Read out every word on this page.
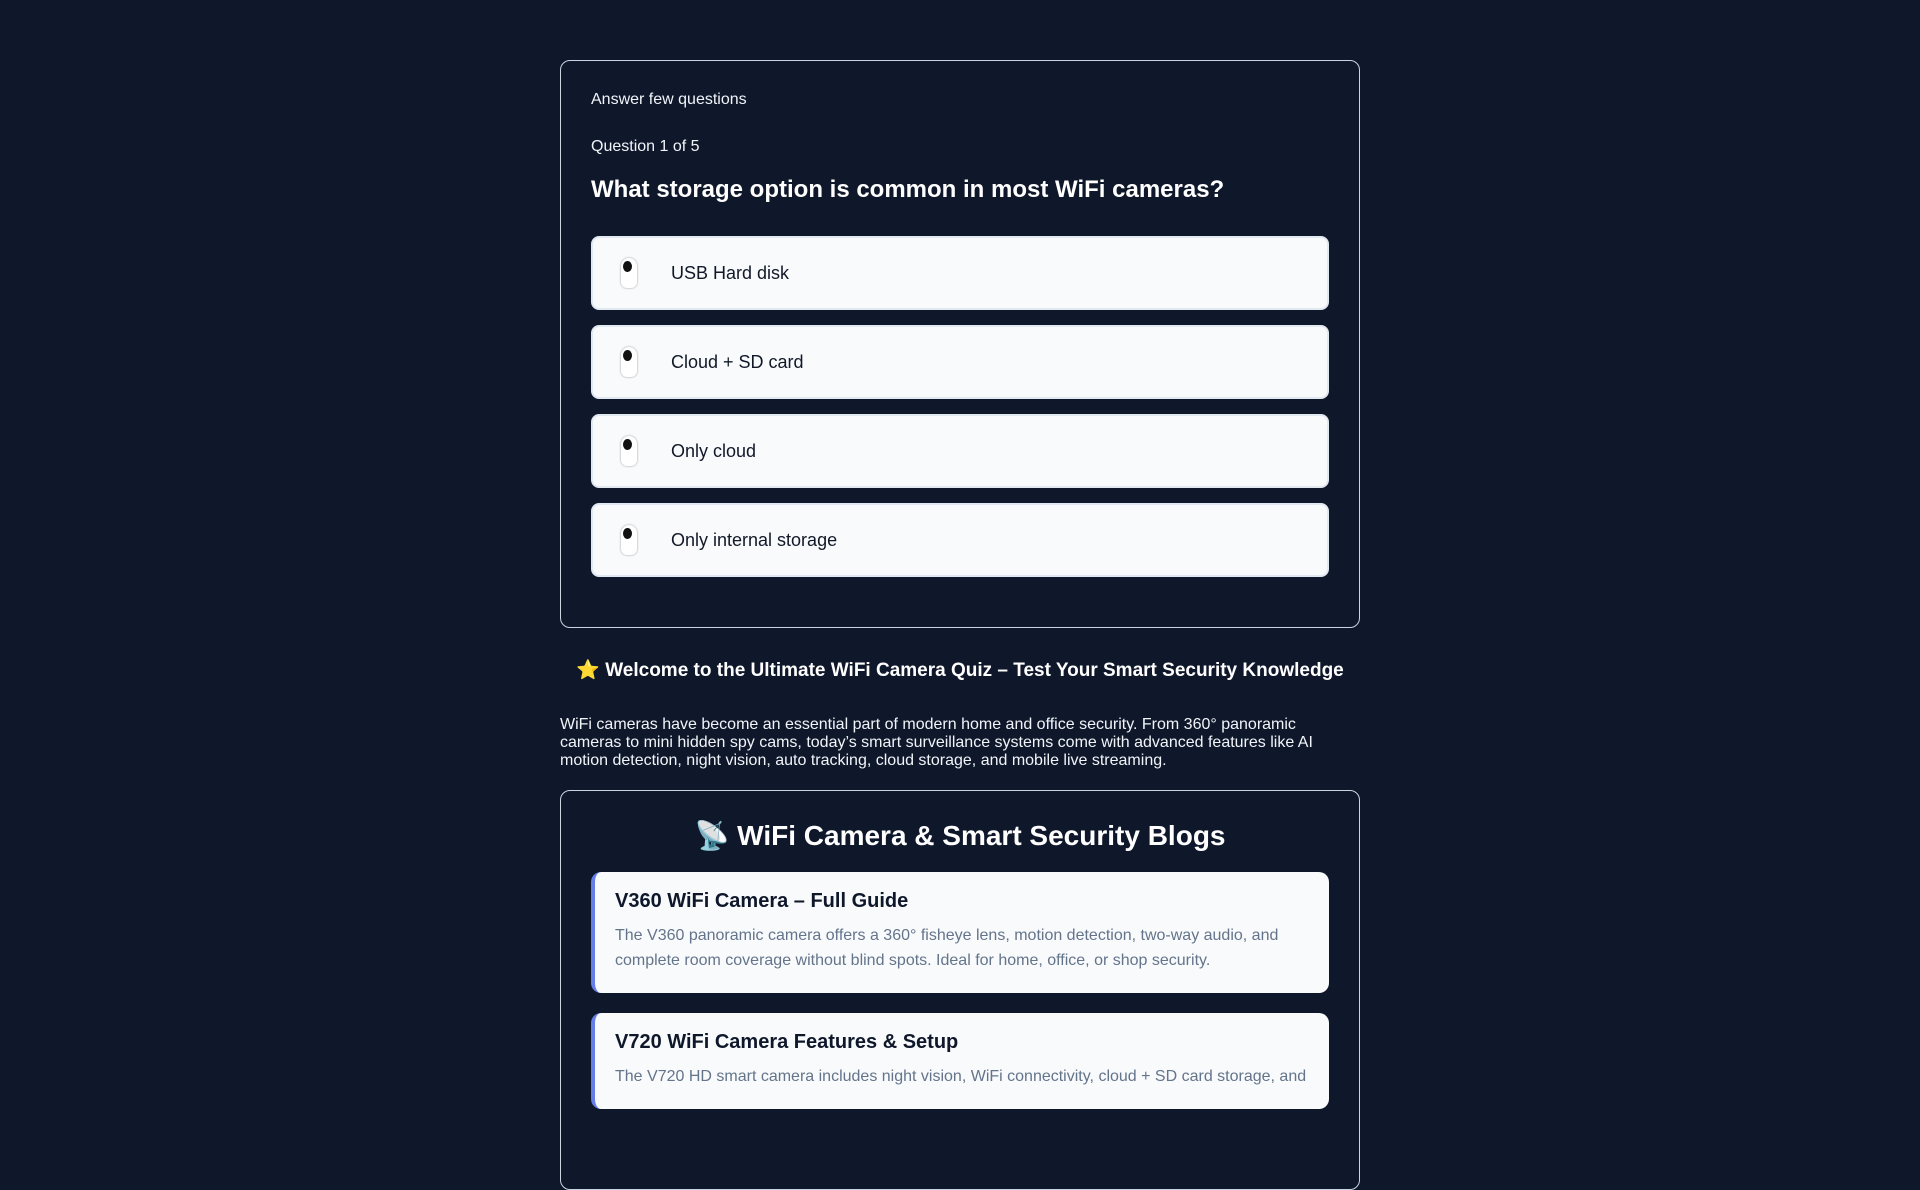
Answer few questions
Question 1 of 5
What storage option is common in most WiFi cameras?
USB Hard disk
Cloud + SD card
Only cloud
Only internal storage
⭐ Welcome to the Ultimate WiFi Camera Quiz – Test Your Smart Security Knowledge

WiFi cameras have become an essential part of modern home and office security. From 360° panoramic cameras to mini hidden spy cams, today’s smart surveillance systems come with advanced features like AI motion detection, night vision, auto tracking, cloud storage, and mobile live streaming.

📡 WiFi Camera & Smart Security Blogs
V360 WiFi Camera – Full Guide

The V360 panoramic camera offers a 360° fisheye lens, motion detection, two-way audio, and complete room coverage without blind spots. Ideal for home, office, or shop security.

V720 WiFi Camera Features & Setup

The V720 HD smart camera includes night vision, WiFi connectivity, cloud + SD card storage, and
